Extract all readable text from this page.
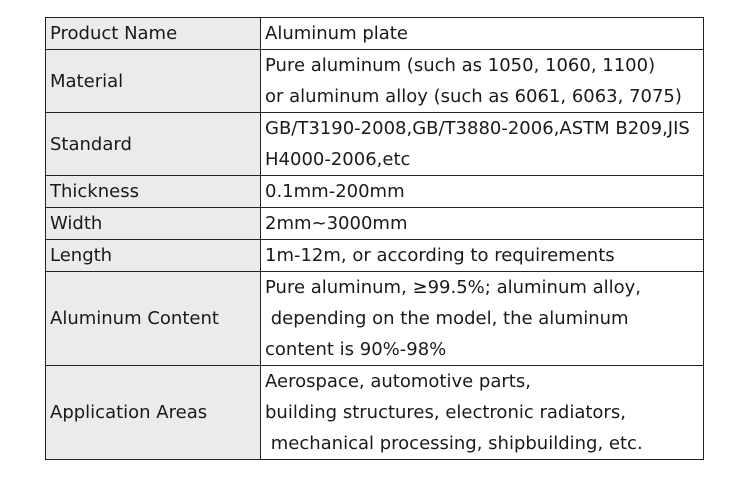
Product Name	Aluminum plate

Material	Pure aluminum (such as 1050, 1060, 1100)
or aluminum alloy (such as 6061, 6063, 7075)

Standard	GB/T3190-2008,GB/T3880-2006,ASTM B209,JIS
H4000-2006,etc

Thickness	0.1mm-200mm

Width	2mm~3000mm

Length	1m-12m, or according to requirements

Aluminum Content	Pure aluminum, ≥99.5%; aluminum alloy,
depending on the model, the aluminum
content is 90%-98%

Application Areas	Aerospace, automotive parts,
building structures, electronic radiators,
mechanical processing, shipbuilding, etc.
